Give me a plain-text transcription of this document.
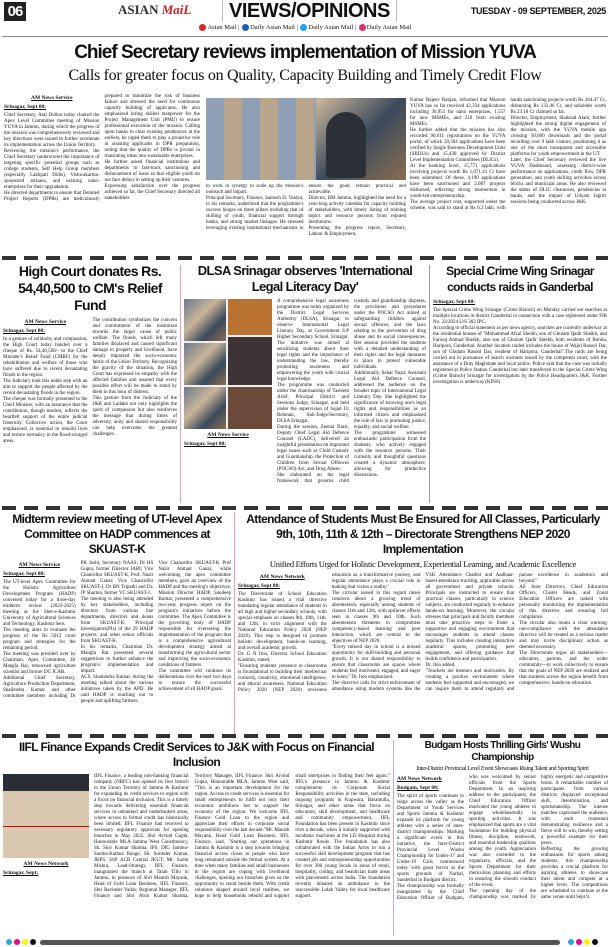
06	ASIAN MaiL	VIEWS/OPINIONS	TUESDAY - 09 SEPTEMBER, 2025
Asian Mail | Daily Asian Mail | Daily Asian Mail | Daily Asian Mail
Chief Secretary reviews implementation of Mission YUVA
Calls for greater focus on Quality, Capacity Building and Timely Credit Flow
AM News Service
Srinagar, Sept 08:

Chief Secretary, Atal Dulloo today chaired the Apex Level Committee meeting of Mission YUVA in Jammu, during which the progress of the mission was comprehensively reviewed and key directions were issued to further accelerate its implementation across the Union Territory.

Reviewing the mission's performance, the Chief Secretary underscored the importance of targeting specific potential groups such as college students, Self Help Group members (especially Lakhpati Didis), Vishwakarma-sponsored artisans, and existing nano-enterprises for their upgradation.

He directed departments to ensure that Detailed Project Reports (DPRs) are meticulously prepared to minimize the risk of business failure and stressed the need for continuous capacity building of applicants. He also emphasized hiring skilled manpower for the Project Management Unit (PMU) to ensure professional execution of the mission. Calling upon banks to clear existing pendencies at the earliest, he urged them to play a proactive role in assisting applicants in DPR preparation, noting that the quality of DPRs is pivotal in translating ideas into sustainable enterprises.

He further asked financial institutions and departments to fast-track sanctioning and disbursement of loans so that eligible youth do not face delays in setting up their ventures.

Expressing satisfaction over the progress achieved so far, the Chief Secretary directed all stakeholders

to work in synergy to scale up the mission's outreach and impact.

Principal Secretary, Finance, Santosh D. Vaidya, in his remarks, underlined that the programme's success hinges on three pillars including that of skilling of youth, financial support through banks, and strong market linkages. He stressed leveraging existing institutional mechanisms to ensure the goals remain practical and achievable.

Director, IIM Jammu, highlighted the need for a year-long activity calendar for capacity building of stakeholders, with timely listing of training topics and resource persons from reputed institutions.

Presenting the progress report, Secretary, Labour & Employment,

Kumar Rajeev Ranjan, informed that Mission YUVA has so far received 42,334 applications including 36,951 for nano enterprises, 1,557 for new MSMEs, and 210 from existing MSMEs.

He further added that the mission has also recorded 90,611 registrations on the YUVA portal, of which 20,304 applications have been verified by Single Business Development Units (SBDUs) and 15,438 approved by District Level Implementation Committees (DLICs).

At the banking level, 15,771 applications involving projects worth Rs 1,071.43 Cr have been submitted. Of these, 4,190 applications have been sanctioned and 2,087 projects disbursed, reflecting strong momentum in youth-led entrepreneurship.

The average project cost, supported under the scheme, was said to stand at Rs 6.3 lakh, with banks sanctioning projects worth Rs 264.47 Cr, disbursing Rs 133.46 Cr, and subsidies worth Rs 23.18 Cr claimed so far.

Director, Employment, Shahzad Alam, further highlighted the strong digital engagement of the mission, with the YUVA mobile app crossing 50,000 downloads and the portal recording over 9 lakh visitors, positioning it as one of the most transparent and accessible platforms for youth empowerment in the UT.

Later, the Chief Secretary reviewed the live YUVA Dashboard, assessing district-wise performance on applications, credit flow, DPR generation, and youth skilling activities across blocks and municipal areas. He also reviewed the status of DLIC clearances, pendencies at banks, and the impact of Udyam Jagriti sessions being conducted across J&K.

High Court donates Rs. 54,40,500 to CM's Relief Fund
AM News Service
Srinagar, Sept 08:

In a gesture of solidarity and compassion, the High Court today handed over a cheque of Rs. 54,40,500/- to the Chief Minister's Relief Fund (CMRF) for the rehabilitation and welfare of those who have suffered due to recent devastating floods in the region.

The Judiciary took this noble step with an aim to support the people affected by the recent devastating floods in the region.

The cheque was formally presented to the Chief Minister, with an assurance that the contribution, though modest, reflects the heartfelt support of the entire judicial fraternity. Collective action, the Court emphasized, is essential to rebuild lives and restore normalcy in the flood-ravaged areas.

The contribution symbolizes the concern and commitment of the institution towards the larger cause of public welfare. The floods, which left many families displaced and caused significant damage to property and livelihood, have deeply impacted the socio-economic fabric of the Union Territory. Recognizing the gravity of the situation, the High Court has expressed its empathy with the affected families and assured that every possible effort will be made to stand by them in this hour of distress.

This gesture from the Judiciary of the J&K and Ladakh not only highlights the spirit of compassion but also reinforces the message that during times of adversity, unity and shared responsibility can help overcome the greatest challenges.

DLSA Srinagar observes 'International Legal Literacy Day'
AM News Service
Srinagar, Sept 08:

A comprehensive legal awareness programme was today organized by the District Legal Services Authority (DLSA), Srinagar, to observe International Legal Literacy Day, at Government S.P Higher Secondary School, Srinagar.

The initiative was aimed at sensitizing students about their legal rights and the importance of understanding the law, thereby promoting awareness and empowering the youth with crucial legal knowledge.

The programme was conducted under the chairmanship of Tasleem Arief, Principal District and Sessions Judge, Srinagar, and held under the supervision of Sajad Ur Rehman, Sub-Judge/Secretary, DLSA Srinagar.

During the session, Zeenat Nazir, Deputy Chief Legal Aid Defence Counsel (LADC), delivered an insightful presentation on important legal issues such as Child Custody and Guardianship, the Protection of Children from Sexual Offences (POCSO) Act, and Drug Abuse.

She elaborated on the legal framework that governs child custody and guardianship disputes, the provisions and procedures under the POCSO Act aimed at safeguarding children against sexual offences, and the laws relating to the prevention of drug abuse and its social consequences. Her session provided the students with a detailed understanding of their rights and the legal measures in place to protect vulnerable individuals.

Additionally, Sehar Nazir, Assistant Legal Aid Defence Counsel, addressed the audience on the broader topic of International Legal Literacy Day. She highlighted the significance of knowing one's legal rights and responsibilities as an informed citizen and emphasized the role of law in promoting justice, equality, and social welfare.

The programme witnessed enthusiastic participation from the students, who actively engaged with the resource persons. Their curiosity and thoughtful questions created a dynamic atmosphere, allowing for productive discussions.

Special Crime Wing Srinagar conducts raids in Ganderbal
Srinagar, Sept 08:

The Special Crime Wing Srinagar (Crime Branch) on Monday carried out searches at multiple locations in district Ganderbal in connection with a case registered under FIR No. 23/2024 U/S 302 IPC.

According to official statement as per news agency, searches are currently underway at the residential houses of "Mohammad Afzal Sheikh, son of Ghulam Qadir Sheikh, and Farooq Ahmad Sheikh, also son of Ghulam Qadir Sheikh, both residents of Bonila, Haripora, Ganderbal. Another location raided includes the house of Wajid Rasool Dar, son of Ghulam Rasool Dar, resident of Haripora, Ganderbal".The raids are being carried out in pursuance of search warrants issued by the competent court, with the assistance of a Duty Magistrate and local police. Police said that the case was initially registered at Police Station Ganderbal but later transferred to the Special Crime Wing (Crime Branch) Srinagar for investigation by the Police Headquarters J&K. Further investigation is underway.(KINS)

Midterm review meeting of UT-level Apex Committee on HADP commences at SKUAST-K
AM News Service
Srinagar, Sept 08:

The UT-level Apex Committee for the Holistic Agriculture Development Program (HADP) convened today for a three-day midterm review (2023-2025) meeting at the Sher-e-Kashmir University of Agricultural Sciences and Technology, Kashmir here.

The meeting aims to evaluate the progress of the Rs 5012 crore program and strategies for the remaining period.

The meeting was presided over by Chairman, Apex Committee, Dr Mangla Rai, renowned agriculture scientist and former DG ICAR.

Additional Chief Secretary, Agriculture Production Department, Shailendra Kumar and other committee members including Dr PK Joshi, Secretary NAAS; Dr HS Gupta, former Director IARI; Vice Chancellor SKUAST-K, Prof. Nazir Ahmad Ganai; Vice Chancellor SKUAST-J, Dr BN Tripathi and Dr. JP Sharma, former VC SKUAST-J.

The meeting is also being attended by key stakeholders, including directors from various line departments, directors and deans from SKUAST-K, Principal Investigators(PIs) of the 29 HADP projects, and other senior officials from SKUAST-K.

In his remarks, Chairman Dr. Mangla Rai presented several suggestions to further enhance the program's implementation and impact.

ACS, Shailendra Kumar, during the meeting talked about the various initiatives taken by the APD. He said HADP is reaching out to people and uplifting farmers.

Vice Chancellor SKUAST-K Prof Nazir Ahmad Ganai, while welcoming the apex committee members, gave an overview of the HADP and the meeting's objectives. Mission Director HADP, Sandeep Kumar, presented a comprehensive two-year progress report on the program's initiatives before the committee. The Apex Committee is the governing body of HADP responsible for overseeing the implementation of the program that is a comprehensive agricultural development strategy aimed at transforming the agricultural sector and improving the socio-economic conditions of farmers.

The committee will continue its deliberations over the next two days to ensure the successful achievement of all HADP goals.

Attendance of Students Must Be Ensured for All Classes, Particularly 9th, 10th, 11th & 12th – Directorate Strengthens NEP 2020 Implementation
Unified Efforts Urged for Holistic Development, Experiential Learning, and Academic Excellence
AM News Network
Srinagar, Sept 08:

The Directorate of School Education Kashmir has issued a vital directive mandating regular attendance of students in all high and higher secondary schools, with special emphasis on classes 9th, 10th, 11th, and 12th, in strict alignment with the National Education Policy 2020 (NEP 2020). This step is designed to promote holistic development, hands-on learning, and overall academic growth.

Dr. G N Itoo, Director School Education Kashmir, stated,

"Ensuring students' presence in classrooms is foundational to building their intellectual curiosity, creativity, emotional intelligence, and ethical awareness. National Education Policy 2020 (NEP 2020) envisions education as a transformative journey, and regular attendance plays a crucial role in making that vision a reality."

The circular issued in this regard raises concerns about a growing trend of absenteeism, especially among students of classes 11th and 12th, with spillover effects seen in classes 9th and 10th. Such absenteeism threatens to compromise competency-based learning and peer interaction, which are central to the objectives of NEP 2020.

"Every missed day in school is a missed opportunity for skill-building and personal growth. It is our shared responsibility to ensure that classrooms are spaces where students feel motivated, engaged, and eager to learn," Dr. Itoo emphasized.

The directive calls for strict enforcement of attendance using modern systems like the VSK Attendance Chatbot and Aadhaar-based attendance tracking, applicable across all government and private schools. Principals are instructed to ensure that practical classes, particularly in science subjects, are conducted regularly to enhance hands-on learning. Moreover, the circular stresses that principals and faculty members must take proactive steps to foster a supportive and engaging environment that encourages students to attend classes regularly. This includes creating interactive academic spaces, promoting peer engagement, and offering guidance that builds confidence and participation.

Dr. Itoo added,

"Teachers are mentors and motivators. By creating a positive environment where students feel supported and encouraged, we can inspire them to attend regularly and pursue excellence in academics and beyond."

All Joint Directors, Chief Education Officers, Cluster Heads, and Zonal Education Officers are tasked with personally monitoring the implementation of this directive and ensuring full compliance.

The circular also issues a clear warning: non-compliance with the attendance directive will be treated as a serious matter and may invite disciplinary action as deemed necessary.

The Directorate urges all stakeholders—educators, parents, and the wider community—to work collectively to ensure that the goals of NEP 2020 are realized and that students across the region benefit from comprehensive, hands-on education.

IIFL Finance Expands Credit Services to J&K with Focus on Financial Inclusion
AM News Network
Srinagar, Sept;

IIFL Finance, a leading non-banking financial company (NBFC) has opened its first branch in the Union Territory of Jammu & Kashmir for expanding its credit services to region with a focus on financial inclusion. This is a timely step towards delivering essential financial services in unbanked and underbanked areas, where access to formal credit has historically been limited. IIFL Finance had received to necessary regulatory approvals for opening branches in May 2025. Shri Arvind Gupta, Honourable MLA Jammu West Constituency, Sh. Shiv Kumar Sharma, IPS, DIG Jammu-Samba-Kathua Range, Sh. Surinder Kumar, JKPS, SSP ACB Central JKUT, Mr. Sumit Mishra, Lead-Strategy, IIFL Finance, inaugurated the branch at Talab Tillo in Jammu, in presence of Shri Manish Mayank, Head of Gold Loan Business, IIFL Finance, Shri Ravinder Yadav, Regional Manager, IIFL Finance and Shri Arun Kumar Sharma, Territory Manager, IIFL Finance. Shri Arvind Gupta, Honourable MLA, Jammu West said, "This is an important development for the region. Access to credit services is essential for small entrepreneurs to fulfil not only their economic ambitions but to support the economy of the region. We welcome IIFL Finance Gold Loan to the region and appreciate their efforts in corporate social responsibility over the last decade."Mr. Manish Mayank, Head Gold Loan Business, IIFL Finance, said, "Starting our operations in Jammu & Kashmir is a step towards bringing financial access closer to people who have long remained outside the formal system. At a time when many families and small businesses in the region are coping with livelihood challenges, opening our branches gives us the opportunity to stand beside them. With credit solutions shaped around local realities, we hope to help households rebuild and support small enterprises in finding their feet again." IIFL's presence in Jammu & Kashmir complements its Corporate Social Responsibility activities in the state, including ongoing programs in Kupwara, Baramulla, Srinagar, and other areas that focus on education, skill development, and healthcare and community empowerment. IIFL Foundation has been present in Kashmir since over a decade, when it initially supported with incubator machines at the LD Hospital during Kashmir floods. The foundation has also collaborated with the Indian Army to run a successful skill development program that has created job and entrepreneurship opportunities for over 300 young locals in areas of retail, hospitality, coding, and beautician trade areas with placements across India. The foundation recently donated an ambulance in the inaccessible Lolab Valley for local healthcare support.

Budgam Hosts Thrilling Girls' Wushu Championship
Inter-District Provincial Level Event Showcases Rising Talent and Sporting Spirit
AM News Network
Budgam, Sept 08:

The spirit of sports continues to surge across the valley as the Department of Youth Services and Sports Jammu & Kashmir expands its platform for young athletes with a series of inter-district championships. Marking a significant event in this initiative, the Inter-District Provincial Level Wushu Championship for Under-17 and Under-19 Girls commenced today with great fervor at the sports grounds of Narbal, Sanderbal in Budgam district.

The championship was formally inaugurated by the Chief Education Officer of Budgam, who was welcomed by senior officials from the Sports Department. In an inspiring address to the participants, the Chief Education Officer motivated the young athletes to engage wholeheartedly in sporting activities. It was emphasized that sports are a vital foundation for building physical fitness, discipline, teamwork, and essential leadership qualities among the youth. Appreciation was also extended to the organizers, officials, and the Sports Department for their meticulous planning and efforts in ensuring the smooth conduct of the event.

The opening day of the championship was marked by highly energetic and competitive bouts. A remarkable number of participants from various districts displayed exceptional skill, determination, and sportsmanship. The intense matches captivated the audience, with each contestant demonstrating resilience and a fierce will to win, thereby setting a powerful example for their peers.

Reflecting the growing enthusiasm for sports among students, this championship provides a crucial platform for aspiring athletes to showcase their talent and compete at a higher level. The competitions are scheduled to continue at the same venue until Sept 9.
